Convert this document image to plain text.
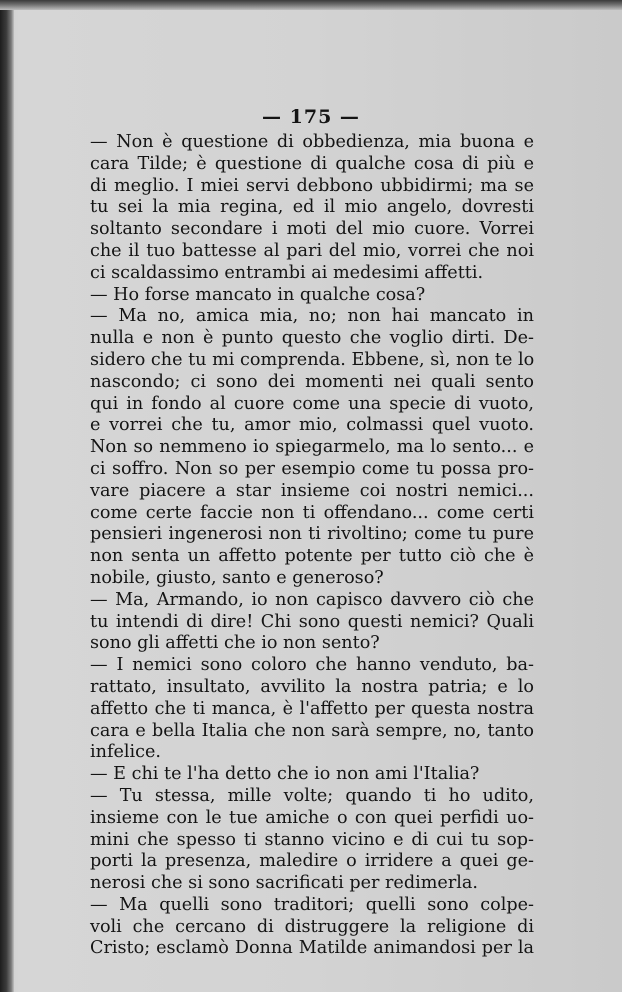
— 175 —
— Non è questione di obbedienza, mia buona e
cara Tilde; è questione di qualche cosa di più e
di meglio. I miei servi debbono ubbidirmi; ma se
tu sei la mia regina, ed il mio angelo, dovresti
soltanto secondare i moti del mio cuore. Vorrei
che il tuo battesse al pari del mio, vorrei che noi
ci scaldassimo entrambi ai medesimi affetti.
— Ho forse mancato in qualche cosa?
— Ma no, amica mia, no; non hai mancato in
nulla e non è punto questo che voglio dirti. De-
sidero che tu mi comprenda. Ebbene, sì, non te lo
nascondo; ci sono dei momenti nei quali sento
qui in fondo al cuore come una specie di vuoto,
e vorrei che tu, amor mio, colmassi quel vuoto.
Non so nemmeno io spiegarmelo, ma lo sento... e
ci soffro. Non so per esempio come tu possa pro-
vare piacere a star insieme coi nostri nemici...
come certe faccie non ti offendano... come certi
pensieri ingenerosi non ti rivoltino; come tu pure
non senta un affetto potente per tutto ciò che è
nobile, giusto, santo e generoso?
— Ma, Armando, io non capisco davvero ciò che
tu intendi di dire! Chi sono questi nemici? Quali
sono gli affetti che io non sento?
— I nemici sono coloro che hanno venduto, ba-
rattato, insultato, avvilito la nostra patria; e lo
affetto che ti manca, è l'affetto per questa nostra
cara e bella Italia che non sarà sempre, no, tanto
infelice.
— E chi te l'ha detto che io non ami l'Italia?
— Tu stessa, mille volte; quando ti ho udito,
insieme con le tue amiche o con quei perfidi uo-
mini che spesso ti stanno vicino e di cui tu sop-
porti la presenza, maledire o irridere a quei ge-
nerosi che si sono sacrificati per redimerla.
— Ma quelli sono traditori; quelli sono colpe-
voli che cercano di distruggere la religione di
Cristo; esclamò Donna Matilde animandosi per la
